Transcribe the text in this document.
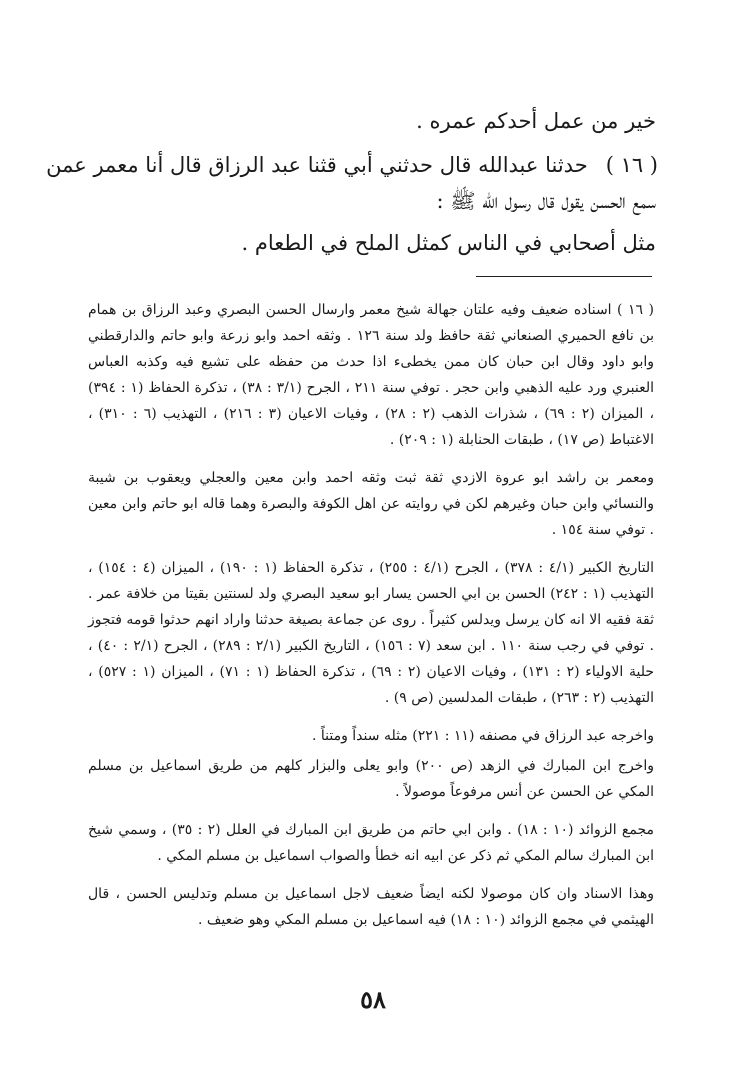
خير من عمل أحدكم عمره .
( ١٦ )حدثنا عبدالله قال حدثني أبي قثنا عبد الرزاق قال أنا معمر عمن
سمع الحسن يقول قال رسول الله ﷺ :
مثل أصحابي في الناس كمثل الملح في الطعام .

( ١٦ ) اسناده ضعيف وفيه علتان جهالة شيخ معمر وارسال الحسن البصري وعبد الرزاق بن همام بن نافع الحميري الصنعاني ثقة حافظ ولد سنة ١٢٦ . وثقه احمد وابو زرعة وابو حاتم والدارقطني وابو داود وقال ابن حبان كان ممن يخطىء اذا حدث من حفظه على تشيع فيه وكذبه العباس العنبري ورد عليه الذهبي وابن حجر . توفي سنة ٢١١ ، الجرح (٣/١ : ٣٨) ، تذكرة الحفاظ (١ : ٣٩٤) ، الميزان (٢ : ٦٩) ، شذرات الذهب (٢ : ٢٨) ، وفيات الاعيان (٣ : ٢١٦) ، التهذيب (٦ : ٣١٠) ، الاغتباط (ص ١٧) ، طبقات الحنابلة (١ : ٢٠٩) .

ومعمر بن راشد ابو عروة الازدي ثقة ثبت وثقه احمد وابن معين والعجلي ويعقوب بن شيبة والنسائي وابن حبان وغيرهم لكن في روايته عن اهل الكوفة والبصرة وهما قاله ابو حاتم وابن معين . توفي سنة ١٥٤ .

التاريخ الكبير (٤/١ : ٣٧٨) ، الجرح (٤/١ : ٢٥٥) ، تذكرة الحفاظ (١ : ١٩٠) ، الميزان (٤ : ١٥٤) ، التهذيب (١ : ٢٤٢) الحسن بن ابي الحسن يسار ابو سعيد البصري ولد لسنتين بقيتا من خلافة عمر . ثقة فقيه الا انه كان يرسل ويدلس كثيراً . روى عن جماعة بصيغة حدثنا واراد انهم حدثوا قومه فتجوز . توفي في رجب سنة ١١٠ . ابن سعد (٧ : ١٥٦) ، التاريخ الكبير (٢/١ : ٢٨٩) ، الجرح (٢/١ : ٤٠) ، حلية الاولياء (٢ : ١٣١) ، وفيات الاعيان (٢ : ٦٩) ، تذكرة الحفاظ (١ : ٧١) ، الميزان (١ : ٥٢٧) ، التهذيب (٢ : ٢٦٣) ، طبقات المدلسين (ص ٩) .

واخرجه عبد الرزاق في مصنفه (١١ : ٢٢١) مثله سنداً ومتناً .

واخرج ابن المبارك في الزهد (ص ٢٠٠) وابو يعلى والبزار كلهم من طريق اسماعيل بن مسلم المكي عن الحسن عن أنس مرفوعاً موصولاً .

مجمع الزوائد (١٠ : ١٨) . وابن ابي حاتم من طريق ابن المبارك في العلل (٢ : ٣٥) ، وسمي شيخ ابن المبارك سالم المكي ثم ذكر عن ابيه انه خطأ والصواب اسماعيل بن مسلم المكي .

وهذا الاسناد وان كان موصولا لكنه ايضاً ضعيف لاجل اسماعيل بن مسلم وتدليس الحسن ، قال الهيثمي في مجمع الزوائد (١٠ : ١٨) فيه اسماعيل بن مسلم المكي وهو ضعيف .

٥٨
